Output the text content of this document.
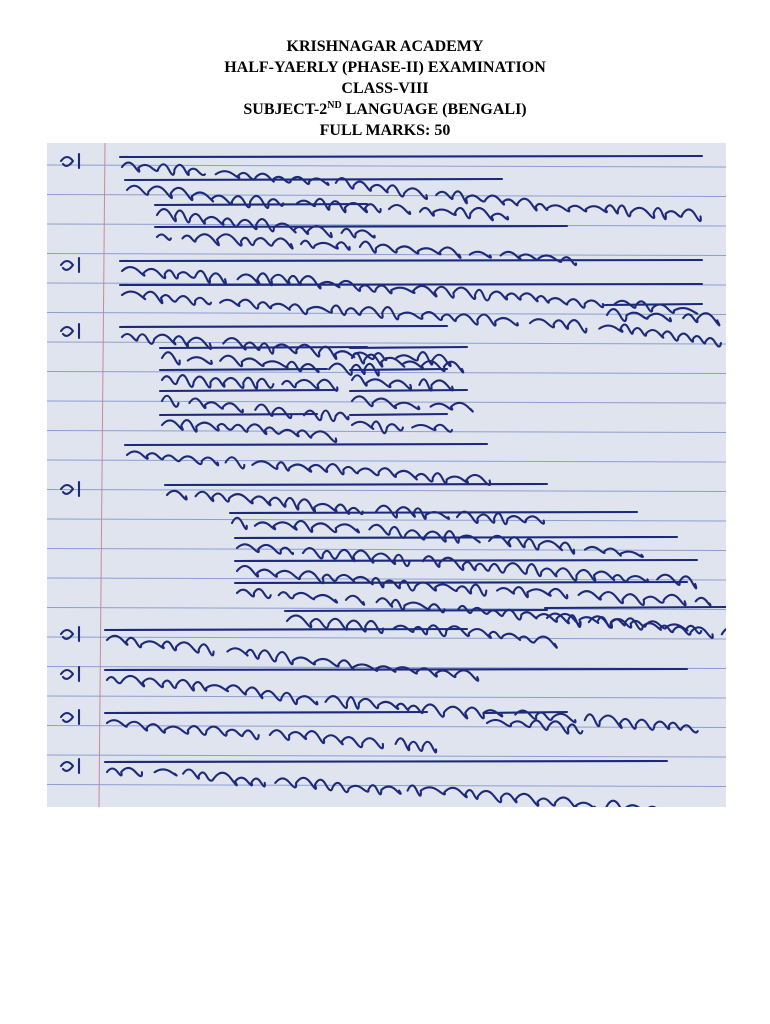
KRISHNAGAR ACADEMY
HALF-YAERLY (PHASE-II) EXAMINATION
CLASS-VIII
SUBJECT-2ND LANGUAGE (BENGALI)
FULL MARKS: 50
